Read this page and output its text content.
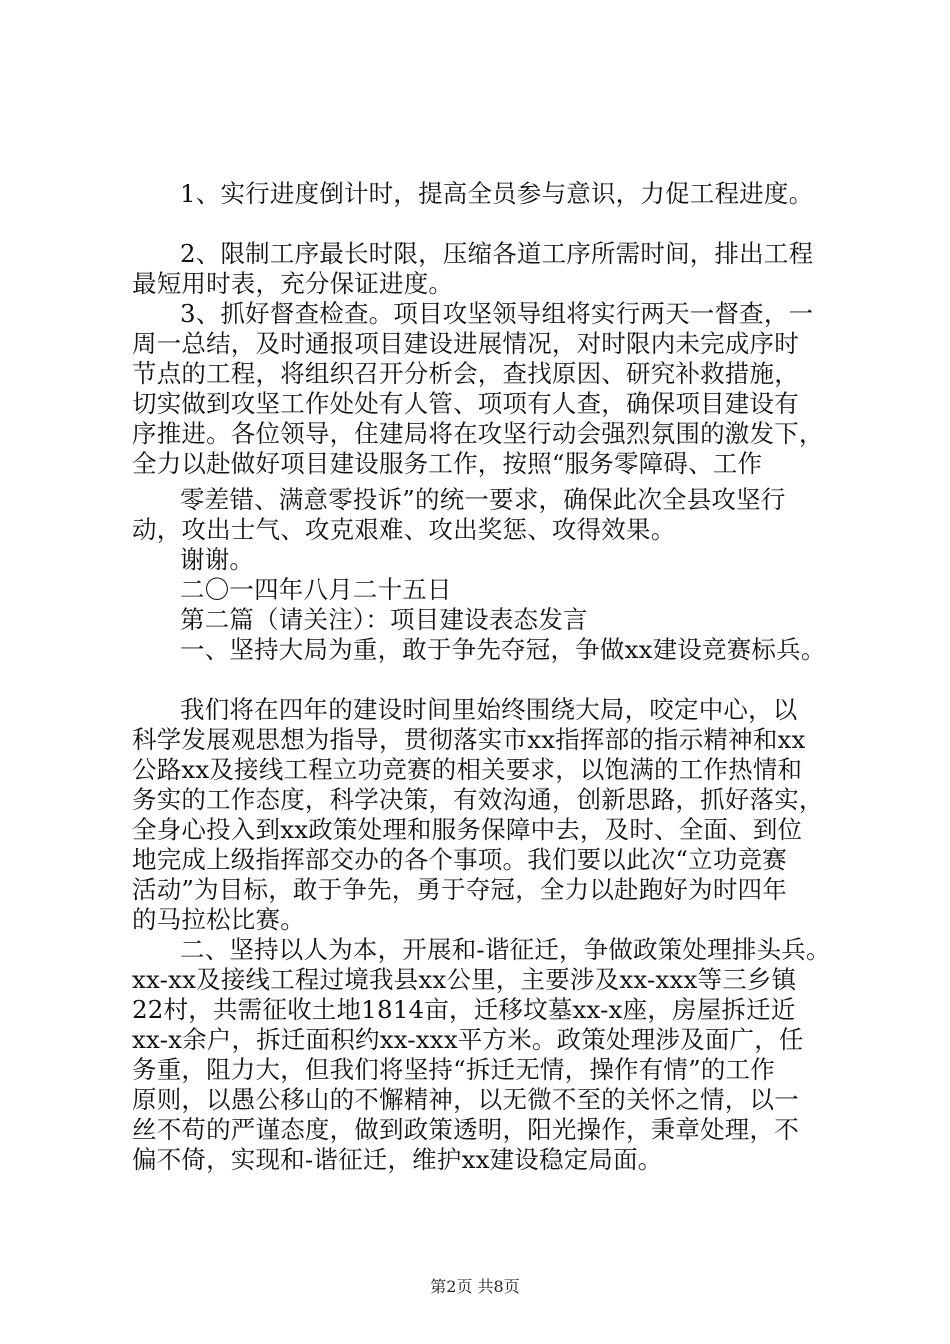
1、实行进度倒计时，提高全员参与意识，力促工程进度。
2、限制工序最长时限，压缩各道工序所需时间，排出工程
最短用时表，充分保证进度。
3、抓好督查检查。项目攻坚领导组将实行两天一督查，一
周一总结，及时通报项目建设进展情况，对时限内未完成序时
节点的工程，将组织召开分析会，查找原因、研究补救措施，
切实做到攻坚工作处处有人管、项项有人查，确保项目建设有
序推进。各位领导，住建局将在攻坚行动会强烈氛围的激发下，
全力以赴做好项目建设服务工作，按照“服务零障碍、工作
零差错、满意零投诉”的统一要求，确保此次全县攻坚行
动，攻出士气、攻克艰难、攻出奖惩、攻得效果。
谢谢。
二〇一四年八月二十五日
第二篇（请关注）：项目建设表态发言
一、坚持大局为重，敢于争先夺冠，争做xx建设竞赛标兵。
我们将在四年的建设时间里始终围绕大局，咬定中心，以
科学发展观思想为指导，贯彻落实市xx指挥部的指示精神和xx
公路xx及接线工程立功竞赛的相关要求，以饱满的工作热情和
务实的工作态度，科学决策，有效沟通，创新思路，抓好落实，
全身心投入到xx政策处理和服务保障中去，及时、全面、到位
地完成上级指挥部交办的各个事项。我们要以此次“立功竞赛
活动”为目标，敢于争先，勇于夺冠，全力以赴跑好为时四年
的马拉松比赛。
二、坚持以人为本，开展和-谐征迁，争做政策处理排头兵。
xx-xx及接线工程过境我县xx公里，主要涉及xx-xxx等三乡镇
22村，共需征收土地1814亩，迁移坟墓xx-x座，房屋拆迁近
xx-x余户，拆迁面积约xx-xxx平方米。政策处理涉及面广，任
务重，阻力大，但我们将坚持“拆迁无情，操作有情”的工作
原则，以愚公移山的不懈精神，以无微不至的关怀之情，以一
丝不苟的严谨态度，做到政策透明，阳光操作，秉章处理，不
偏不倚，实现和-谐征迁，维护xx建设稳定局面。
第2页 共8页
